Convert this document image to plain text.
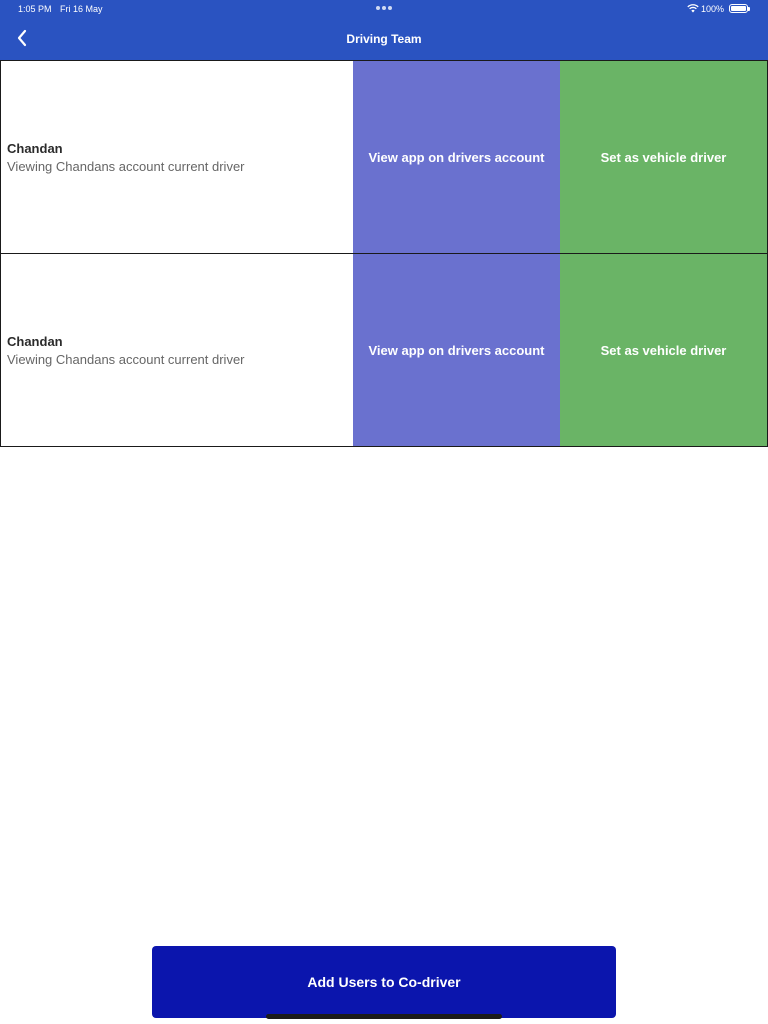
1:05 PM Fri 16 May	100%
Driving Team
Chandan
Viewing Chandans account current driver
View app on drivers account	Set as vehicle driver
Chandan
Viewing Chandans account current driver
View app on drivers account	Set as vehicle driver
Add Users to Co-driver
